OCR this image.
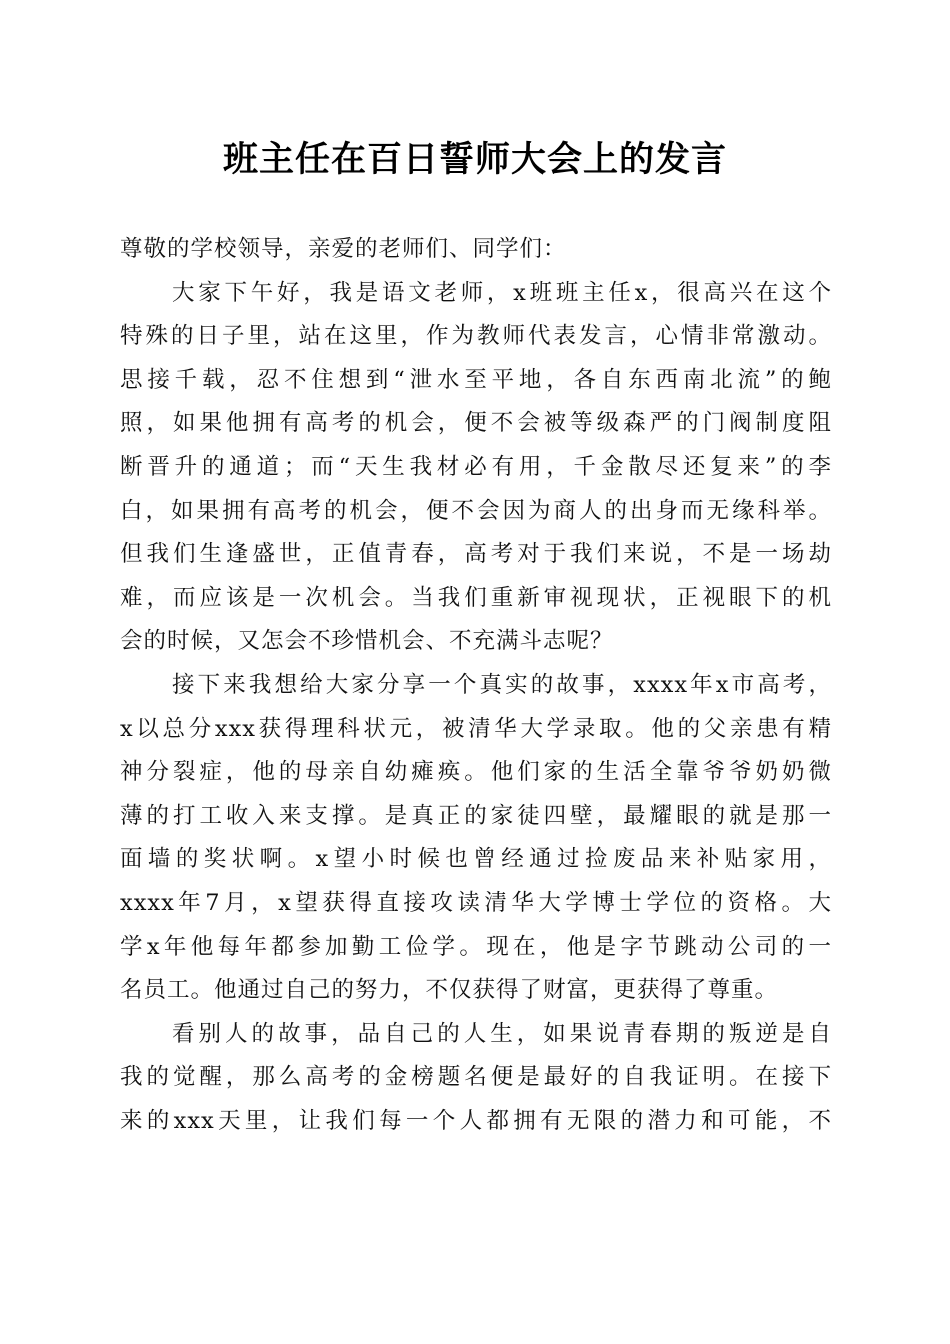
班主任在百日誓师大会上的发言

尊敬的学校领导，亲爱的老师们、同学们：

大家下午好，我是语文老师，x班班主任x，很高兴在这个
特殊的日子里，站在这里，作为教师代表发言，心情非常激动。
思接千载，忍不住想到“泄水至平地，各自东西南北流”的鲍
照，如果他拥有高考的机会，便不会被等级森严的门阀制度阻
断晋升的通道；而“天生我材必有用，千金散尽还复来”的李
白，如果拥有高考的机会，便不会因为商人的出身而无缘科举。
但我们生逢盛世，正值青春，高考对于我们来说，不是一场劫
难，而应该是一次机会。当我们重新审视现状，正视眼下的机
会的时候，又怎会不珍惜机会、不充满斗志呢？

接下来我想给大家分享一个真实的故事，xxxx年x市高考，
x以总分xxx获得理科状元，被清华大学录取。他的父亲患有精
神分裂症，他的母亲自幼瘫痪。他们家的生活全靠爷爷奶奶微
薄的打工收入来支撑。是真正的家徒四壁，最耀眼的就是那一
面墙的奖状啊。x望小时候也曾经通过捡废品来补贴家用，
xxxx年7月，x望获得直接攻读清华大学博士学位的资格。大
学x年他每年都参加勤工俭学。现在，他是字节跳动公司的一
名员工。他通过自己的努力，不仅获得了财富，更获得了尊重。

看别人的故事，品自己的人生，如果说青春期的叛逆是自
我的觉醒，那么高考的金榜题名便是最好的自我证明。在接下
来的xxx天里，让我们每一个人都拥有无限的潜力和可能，不
